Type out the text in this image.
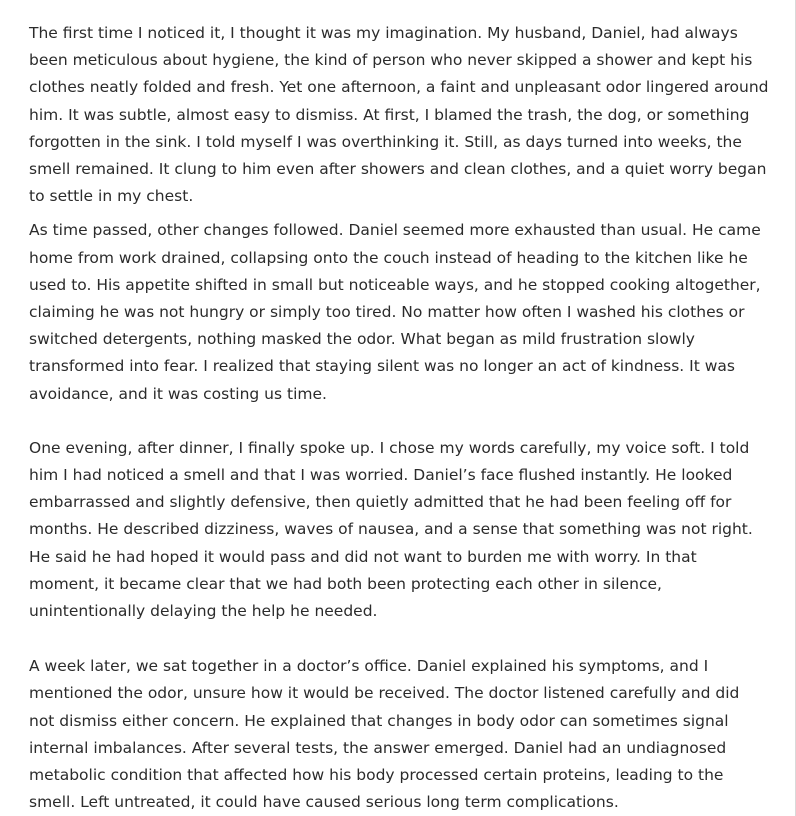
The first time I noticed it, I thought it was my imagination. My husband, Daniel, had always been meticulous about hygiene, the kind of person who never skipped a shower and kept his clothes neatly folded and fresh. Yet one afternoon, a faint and unpleasant odor lingered around him. It was subtle, almost easy to dismiss. At first, I blamed the trash, the dog, or something forgotten in the sink. I told myself I was overthinking it. Still, as days turned into weeks, the smell remained. It clung to him even after showers and clean clothes, and a quiet worry began to settle in my chest.

As time passed, other changes followed. Daniel seemed more exhausted than usual. He came home from work drained, collapsing onto the couch instead of heading to the kitchen like he used to. His appetite shifted in small but noticeable ways, and he stopped cooking altogether, claiming he was not hungry or simply too tired. No matter how often I washed his clothes or switched detergents, nothing masked the odor. What began as mild frustration slowly transformed into fear. I realized that staying silent was no longer an act of kindness. It was avoidance, and it was costing us time.

One evening, after dinner, I finally spoke up. I chose my words carefully, my voice soft. I told him I had noticed a smell and that I was worried. Daniel’s face flushed instantly. He looked embarrassed and slightly defensive, then quietly admitted that he had been feeling off for months. He described dizziness, waves of nausea, and a sense that something was not right. He said he had hoped it would pass and did not want to burden me with worry. In that moment, it became clear that we had both been protecting each other in silence, unintentionally delaying the help he needed.

A week later, we sat together in a doctor’s office. Daniel explained his symptoms, and I mentioned the odor, unsure how it would be received. The doctor listened carefully and did not dismiss either concern. He explained that changes in body odor can sometimes signal internal imbalances. After several tests, the answer emerged. Daniel had an undiagnosed metabolic condition that affected how his body processed certain proteins, leading to the smell. Left untreated, it could have caused serious long term complications.
